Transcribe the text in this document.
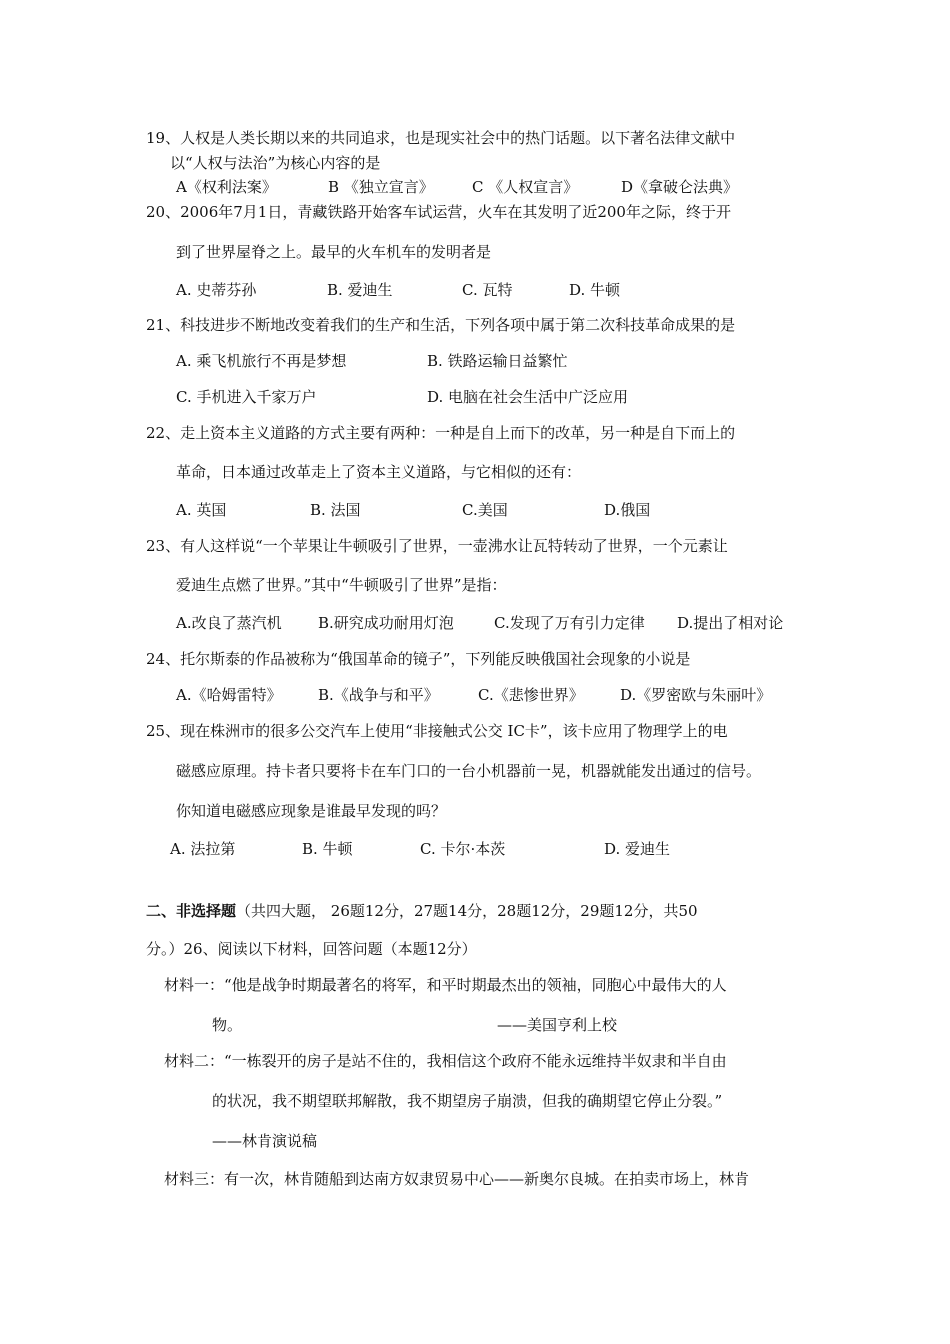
19、人权是人类长期以来的共同追求，也是现实社会中的热门话题。以下著名法律文献中
以“人权与法治”为核心内容的是
A《权利法案》	B 《独立宣言》	C 《人权宣言》	D《拿破仑法典》
20、2006年7月1日，青藏铁路开始客车试运营，火车在其发明了近200年之际，终于开
到了世界屋脊之上。最早的火车机车的发明者是
A. 史蒂芬孙	B. 爱迪生	C. 瓦特	D. 牛顿
21、科技进步不断地改变着我们的生产和生活，下列各项中属于第二次科技革命成果的是
A. 乘飞机旅行不再是梦想	B. 铁路运输日益繁忙
C. 手机进入千家万户	D. 电脑在社会生活中广泛应用
22、走上资本主义道路的方式主要有两种：一种是自上而下的改革，另一种是自下而上的
革命，日本通过改革走上了资本主义道路，与它相似的还有：
A. 英国	B. 法国	C.美国	D.俄国
23、有人这样说“一个苹果让牛顿吸引了世界，一壶沸水让瓦特转动了世界，一个元素让
爱迪生点燃了世界。”其中“牛顿吸引了世界”是指：
A.改良了蒸汽机 B.研究成功耐用灯泡	C.发现了万有引力定律 D.提出了相对论
24、托尔斯泰的作品被称为“俄国革命的镜子”，下列能反映俄国社会现象的小说是
A.《哈姆雷特》 B.《战争与和平》	C.《悲惨世界》 D.《罗密欧与朱丽叶》
25、现在株洲市的很多公交汽车上使用“非接触式公交 IC卡”，该卡应用了物理学上的电
磁感应原理。持卡者只要将卡在车门口的一台小机器前一晃，机器就能发出通过的信号。
你知道电磁感应现象是谁最早发现的吗？
A. 法拉第	B. 牛顿	C. 卡尔·本茨	D. 爱迪生
二、非选择题（共四大题， 26题12分，27题14分，28题12分，29题12分，共50
分。）26、阅读以下材料，回答问题（本题12分）
材料一：“他是战争时期最著名的将军，和平时期最杰出的领袖，同胞心中最伟大的人
物。	——美国亨利上校
材料二：“一栋裂开的房子是站不住的，我相信这个政府不能永远维持半奴隶和半自由
的状况，我不期望联邦解散，我不期望房子崩溃，但我的确期望它停止分裂。”
——林肯演说稿
材料三：有一次，林肯随船到达南方奴隶贸易中心——新奥尔良城。在拍卖市场上，林肯
